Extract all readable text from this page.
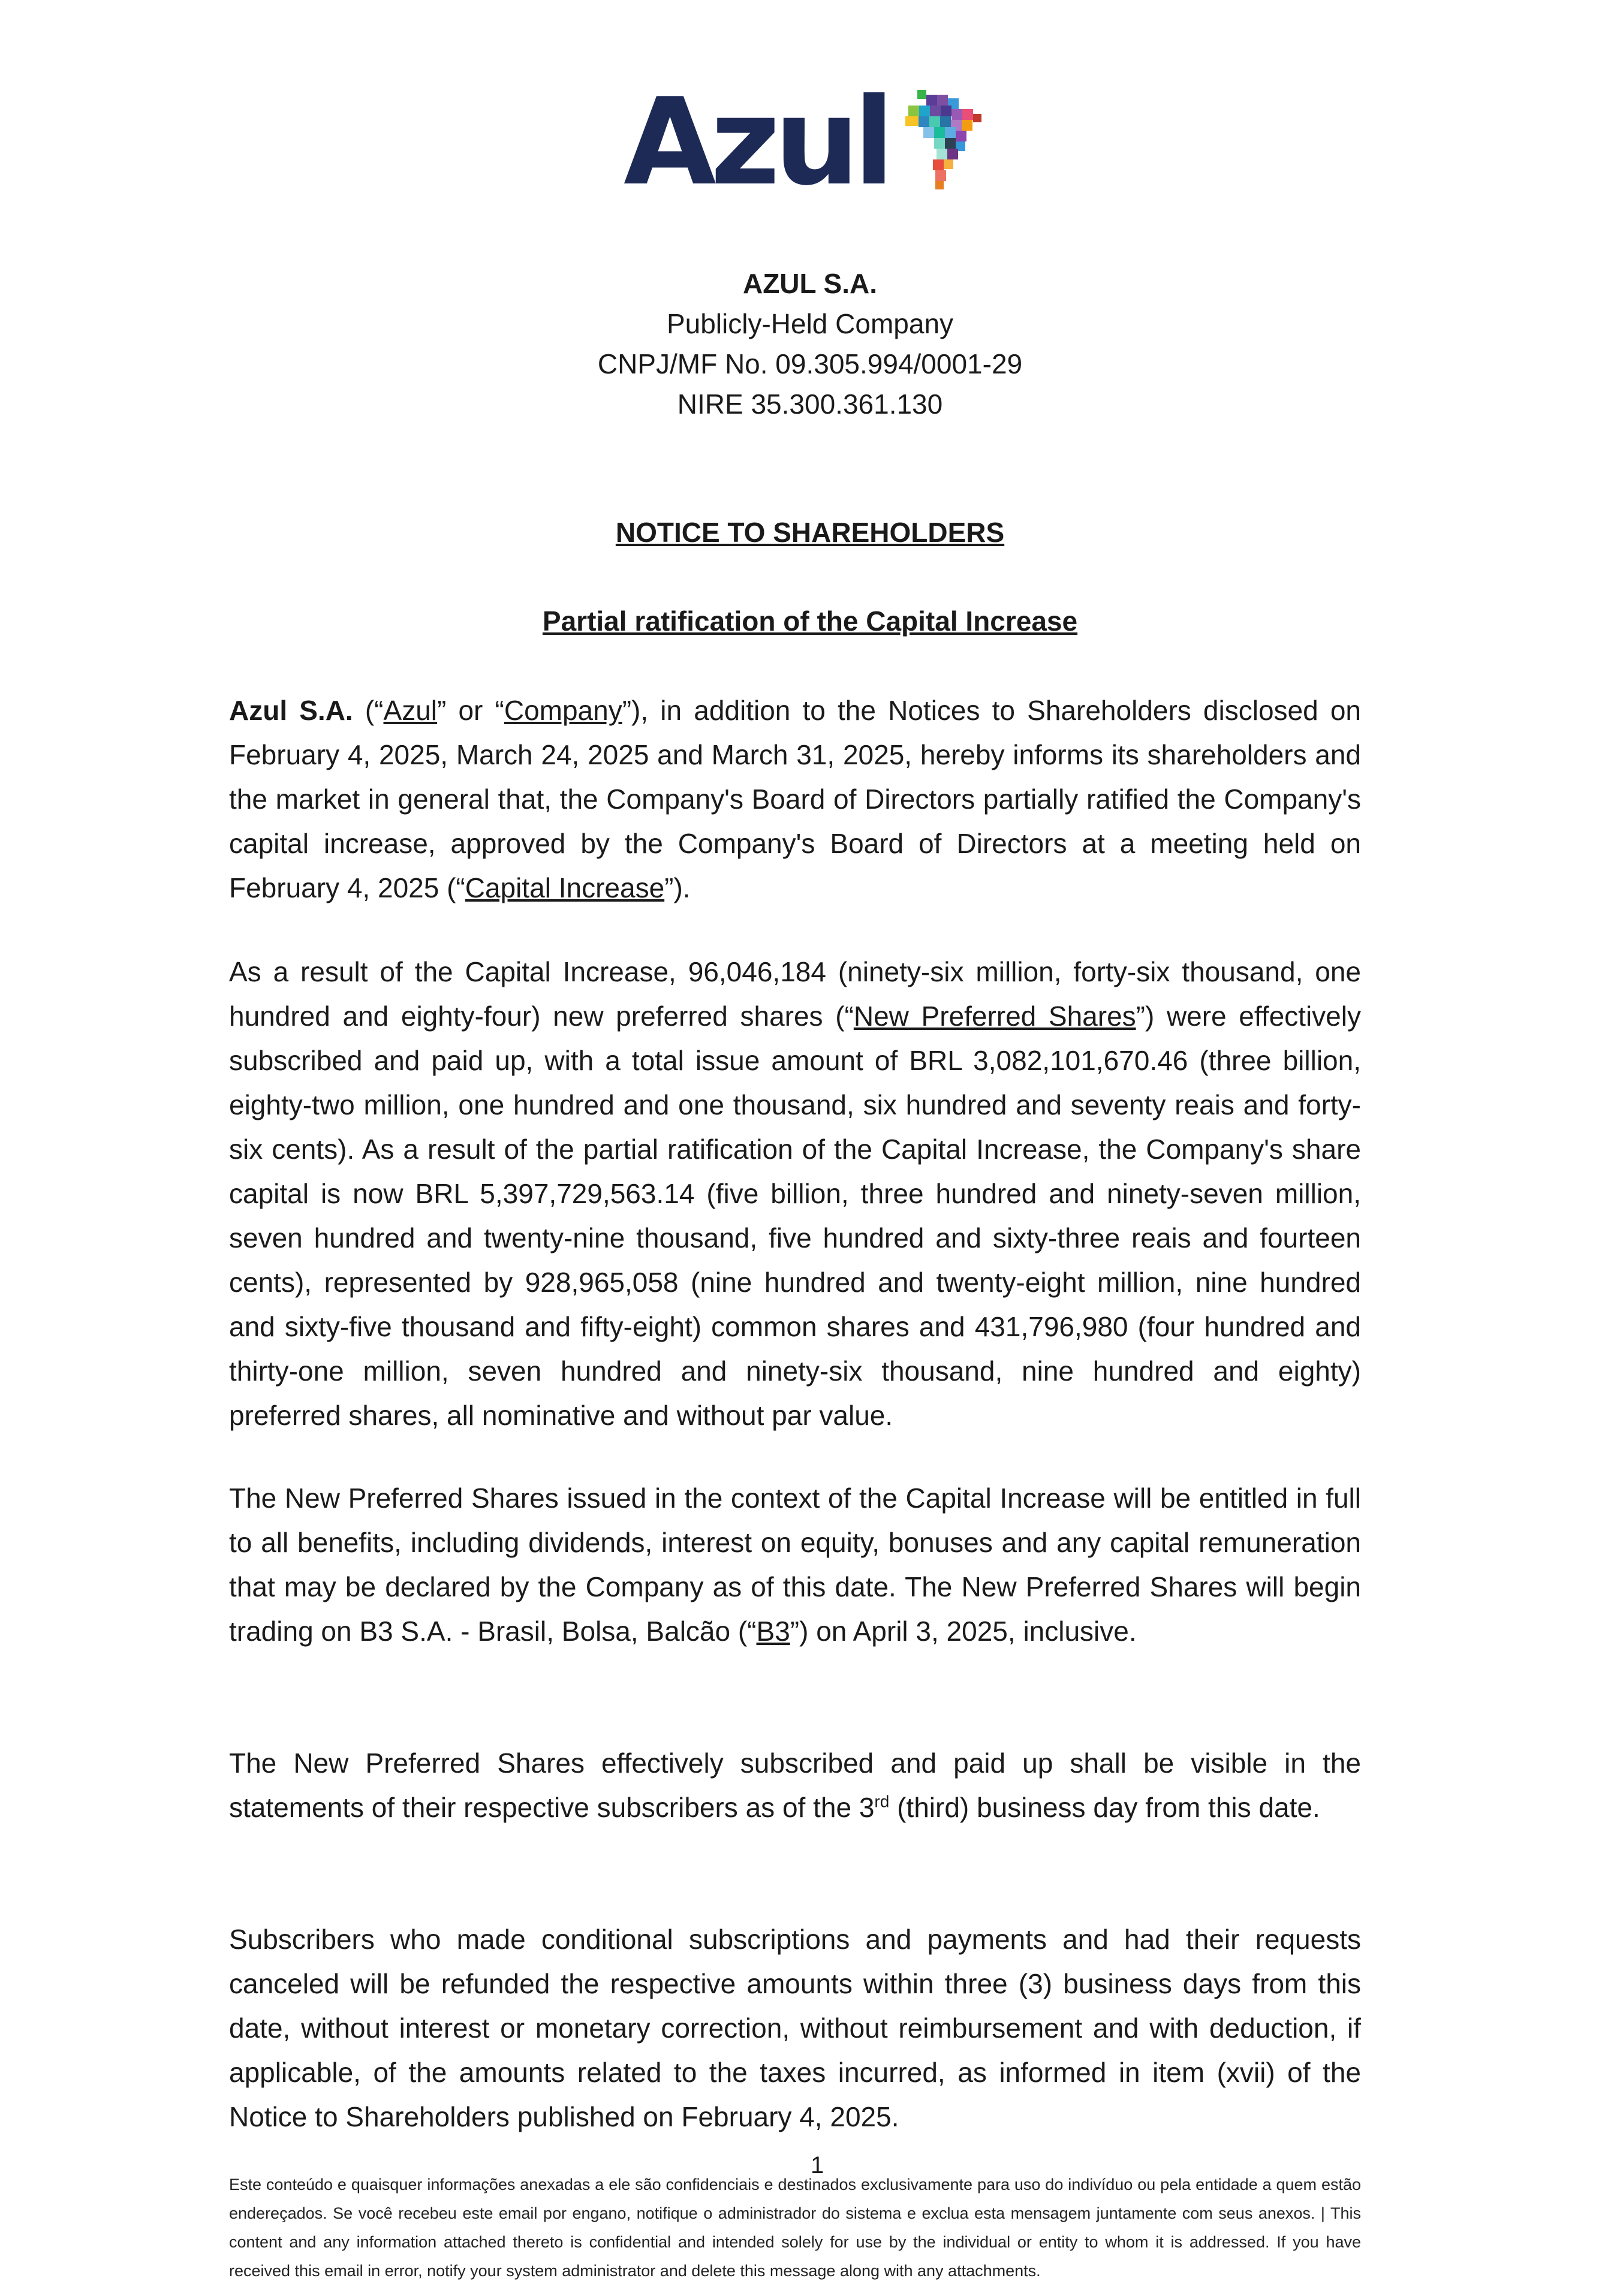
Azul
AZUL S.A.
Publicly-Held Company
CNPJ/MF No. 09.305.994/0001-29
NIRE 35.300.361.130
NOTICE TO SHAREHOLDERS
Partial ratification of the Capital Increase

Azul S.A. (“Azul” or “Company”), in addition to the Notices to Shareholders disclosed on February 4, 2025, March 24, 2025 and March 31, 2025, hereby informs its shareholders and the market in general that, the Company's Board of Directors partially ratified the Company's capital increase, approved by the Company's Board of Directors at a meeting held on February 4, 2025 (“Capital Increase”).

As a result of the Capital Increase, 96,046,184 (ninety-six million, forty-six thousand, one hundred and eighty-four) new preferred shares (“New Preferred Shares”) were effectively subscribed and paid up, with a total issue amount of BRL 3,082,101,670.46 (three billion, eighty-two million, one hundred and one thousand, six hundred and seventy reais and forty-six cents). As a result of the partial ratification of the Capital Increase, the Company's share capital is now BRL 5,397,729,563.14 (five billion, three hundred and ninety-seven million, seven hundred and twenty-nine thousand, five hundred and sixty-three reais and fourteen cents), represented by 928,965,058 (nine hundred and twenty-eight million, nine hundred and sixty-five thousand and fifty-eight) common shares and 431,796,980 (four hundred and thirty-one million, seven hundred and ninety-six thousand, nine hundred and eighty) preferred shares, all nominative and without par value.

The New Preferred Shares issued in the context of the Capital Increase will be entitled in full to all benefits, including dividends, interest on equity, bonuses and any capital remuneration that may be declared by the Company as of this date. The New Preferred Shares will begin trading on B3 S.A. - Brasil, Bolsa, Balcão (“B3”) on April 3, 2025, inclusive.

The New Preferred Shares effectively subscribed and paid up shall be visible in the statements of their respective subscribers as of the 3rd (third) business day from this date.

Subscribers who made conditional subscriptions and payments and had their requests canceled will be refunded the respective amounts within three (3) business days from this date, without interest or monetary correction, without reimbursement and with deduction, if applicable, of the amounts related to the taxes incurred, as informed in item (xvii) of the Notice to Shareholders published on February 4, 2025.

1

Este conteúdo e quaisquer informações anexadas a ele são confidenciais e destinados exclusivamente para uso do indivíduo ou pela entidade a quem estão endereçados. Se você recebeu este email por engano, notifique o administrador do sistema e exclua esta mensagem juntamente com seus anexos. | This content and any information attached thereto is confidential and intended solely for use by the individual or entity to whom it is addressed. If you have received this email in error, notify your system administrator and delete this message along with any attachments.
